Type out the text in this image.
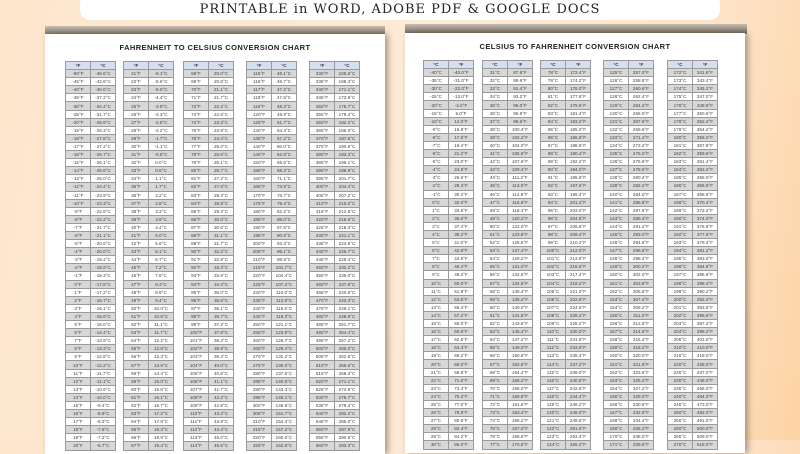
PRINTABLE in WORD, ADOBE PDF & GOOGLE DOCS
FAHRENHEIT TO CELSIUS CONVERSION CHART
°F	°C
-50°F	-45.6°C
-45°F	-42.8°C
-40°F	-40.0°C
-35°F	-37.2°C
-30°F	-34.4°C
-25°F	-31.7°C
-20°F	-28.9°C
-19°F	-28.3°C
-18°F	-27.8°C
-17°F	-27.2°C
-16°F	-26.7°C
-15°F	-26.1°C
-14°F	-25.6°C
-13°F	-25.0°C
-12°F	-24.4°C
-11°F	-23.9°C
-10°F	-23.3°C
-9°F	-22.8°C
-8°F	-22.2°C
-7°F	-21.7°C
-6°F	-21.1°C
-5°F	-20.6°C
-4°F	-20.0°C
-3°F	-19.4°C
-2°F	-18.9°C
-1°F	-18.3°C
0°F	-17.8°C
1°F	-17.2°C
2°F	-16.7°C
3°F	-16.1°C
4°F	-15.6°C
5°F	-15.0°C
6°F	-14.4°C
7°F	-13.9°C
8°F	-13.3°C
9°F	-12.8°C
10°F	-12.2°C
11°F	-11.7°C
12°F	-11.1°C
13°F	-10.6°C
14°F	-10.0°C
15°F	-9.4°C
16°F	-8.9°C
17°F	-8.3°C
18°F	-7.8°C
19°F	-7.2°C
20°F	-6.7°C
°F	°C
21°F	-6.1°C
22°F	-5.6°C
23°F	-5.0°C
24°F	-4.4°C
25°F	-3.9°C
26°F	-3.3°C
27°F	-2.8°C
28°F	-2.2°C
29°F	-1.7°C
30°F	-1.1°C
31°F	-0.6°C
32°F	0.0°C
33°F	0.6°C
34°F	1.1°C
35°F	1.7°C
36°F	2.2°C
37°F	2.8°C
38°F	3.3°C
39°F	3.9°C
40°F	4.4°C
41°F	5.0°C
42°F	5.6°C
43°F	6.1°C
44°F	6.7°C
45°F	7.2°C
46°F	7.8°C
47°F	8.3°C
48°F	8.9°C
49°F	9.4°C
50°F	10.0°C
51°F	10.6°C
52°F	11.1°C
53°F	11.7°C
54°F	12.2°C
55°F	12.8°C
56°F	13.3°C
57°F	13.9°C
58°F	14.4°C
59°F	15.0°C
60°F	15.6°C
61°F	16.1°C
62°F	16.7°C
63°F	17.2°C
64°F	17.8°C
65°F	18.3°C
66°F	18.9°C
67°F	19.4°C
°F	°C
68°F	20.0°C
69°F	20.6°C
70°F	21.1°C
71°F	21.7°C
72°F	22.2°C
73°F	22.8°C
74°F	23.3°C
75°F	23.9°C
76°F	24.4°C
77°F	25.0°C
78°F	25.6°C
79°F	26.1°C
80°F	26.7°C
81°F	27.2°C
82°F	27.8°C
83°F	28.3°C
84°F	28.9°C
85°F	29.4°C
86°F	30.0°C
87°F	30.6°C
88°F	31.1°C
89°F	31.7°C
90°F	32.2°C
91°F	32.8°C
92°F	33.3°C
93°F	33.9°C
94°F	34.4°C
95°F	35.0°C
96°F	35.6°C
97°F	36.1°C
98°F	36.7°C
99°F	37.2°C
100°F	37.8°C
101°F	38.3°C
102°F	38.9°C
103°F	39.4°C
104°F	40.0°C
105°F	40.6°C
106°F	41.1°C
107°F	41.7°C
108°F	42.2°C
109°F	42.8°C
110°F	43.3°C
111°F	43.9°C
112°F	44.4°C
113°F	45.0°C
114°F	45.6°C
°F	°C
115°F	46.1°C
116°F	46.7°C
117°F	47.2°C
118°F	47.8°C
119°F	48.3°C
120°F	48.9°C
125°F	51.7°C
130°F	54.4°C
135°F	57.2°C
140°F	60.0°C
145°F	62.8°C
150°F	65.6°C
155°F	68.3°C
160°F	71.1°C
165°F	73.9°C
170°F	76.7°C
175°F	79.4°C
180°F	82.2°C
185°F	85.0°C
190°F	87.8°C
195°F	90.6°C
200°F	93.3°C
205°F	96.1°C
210°F	98.9°C
215°F	101.7°C
220°F	104.4°C
225°F	107.2°C
230°F	110.0°C
235°F	112.8°C
240°F	115.6°C
245°F	118.3°C
250°F	121.1°C
255°F	123.9°C
260°F	126.7°C
265°F	129.4°C
270°F	132.2°C
275°F	135.0°C
280°F	137.8°C
285°F	140.6°C
290°F	143.3°C
295°F	146.1°C
300°F	148.9°C
305°F	151.7°C
310°F	154.4°C
315°F	157.2°C
320°F	160.0°C
325°F	162.8°C
°F	°C
330°F	165.6°C
335°F	168.3°C
340°F	171.1°C
345°F	173.9°C
350°F	176.7°C
355°F	179.4°C
360°F	182.2°C
365°F	185.0°C
370°F	187.8°C
375°F	190.6°C
380°F	193.3°C
385°F	196.1°C
390°F	198.9°C
395°F	201.7°C
400°F	204.4°C
405°F	207.2°C
410°F	210.0°C
415°F	212.8°C
420°F	215.6°C
425°F	218.3°C
430°F	221.1°C
435°F	223.9°C
440°F	226.7°C
445°F	229.4°C
450°F	232.2°C
455°F	235.0°C
460°F	237.8°C
465°F	240.6°C
470°F	243.3°C
475°F	246.1°C
480°F	248.9°C
485°F	251.7°C
490°F	254.4°C
495°F	257.2°C
500°F	260.0°C
505°F	262.8°C
510°F	265.6°C
515°F	268.3°C
520°F	271.1°C
525°F	273.9°C
530°F	276.7°C
535°F	279.4°C
540°F	282.2°C
545°F	285.0°C
550°F	287.8°C
555°F	290.6°C
560°F	293.3°C
CELSIUS TO FAHRENHEIT CONVERSION CHART
°C	°F
-40°C	-40.0°F
-35°C	-31.0°F
-30°C	-22.0°F
-25°C	-13.0°F
-20°C	-4.0°F
-15°C	5.0°F
-10°C	14.0°F
-9°C	15.8°F
-8°C	17.6°F
-7°C	19.4°F
-6°C	21.2°F
-5°C	23.0°F
-4°C	24.8°F
-3°C	26.6°F
-2°C	28.4°F
-1°C	30.2°F
0°C	32.0°F
1°C	33.8°F
2°C	35.6°F
3°C	37.4°F
4°C	39.2°F
5°C	41.0°F
6°C	42.8°F
7°C	44.6°F
8°C	46.4°F
9°C	48.2°F
10°C	50.0°F
11°C	51.8°F
12°C	53.6°F
13°C	55.4°F
14°C	57.2°F
15°C	59.0°F
16°C	60.8°F
17°C	62.6°F
18°C	64.4°F
19°C	66.2°F
20°C	68.0°F
21°C	69.8°F
22°C	71.6°F
23°C	73.4°F
24°C	75.2°F
25°C	77.0°F
26°C	78.8°F
27°C	80.6°F
28°C	82.4°F
29°C	84.2°F
30°C	86.0°F
°C	°F
31°C	87.8°F
32°C	89.6°F
33°C	91.4°F
34°C	93.2°F
35°C	95.0°F
36°C	96.8°F
37°C	98.6°F
38°C	100.4°F
39°C	102.2°F
40°C	104.0°F
41°C	105.8°F
42°C	107.6°F
43°C	109.4°F
44°C	111.2°F
45°C	113.0°F
46°C	114.8°F
47°C	116.6°F
48°C	118.4°F
49°C	120.2°F
50°C	122.0°F
51°C	123.8°F
52°C	125.6°F
53°C	127.4°F
54°C	129.2°F
55°C	131.0°F
56°C	132.8°F
57°C	134.6°F
58°C	136.4°F
59°C	138.2°F
60°C	140.0°F
61°C	141.8°F
62°C	143.6°F
63°C	145.4°F
64°C	147.2°F
65°C	149.0°F
66°C	150.8°F
67°C	152.6°F
68°C	154.4°F
69°C	156.2°F
70°C	158.0°F
71°C	159.8°F
72°C	161.6°F
73°C	163.4°F
74°C	165.2°F
75°C	167.0°F
76°C	168.8°F
77°C	170.6°F
°C	°F
78°C	172.4°F
79°C	174.2°F
80°C	176.0°F
81°C	177.8°F
82°C	179.6°F
83°C	181.4°F
84°C	183.2°F
85°C	185.0°F
86°C	186.8°F
87°C	188.6°F
88°C	190.4°F
89°C	192.2°F
90°C	194.0°F
91°C	195.8°F
92°C	197.6°F
93°C	199.4°F
94°C	201.2°F
95°C	203.0°F
96°C	204.8°F
97°C	206.6°F
98°C	208.4°F
99°C	210.2°F
100°C	212.0°F
101°C	213.8°F
102°C	215.6°F
103°C	217.4°F
104°C	219.2°F
105°C	221.0°F
106°C	222.8°F
107°C	224.6°F
108°C	226.4°F
109°C	228.2°F
110°C	230.0°F
111°C	231.8°F
112°C	233.6°F
113°C	235.4°F
114°C	237.2°F
115°C	239.0°F
116°C	240.8°F
117°C	242.6°F
118°C	244.4°F
119°C	246.2°F
120°C	248.0°F
121°C	249.8°F
122°C	251.6°F
123°C	253.4°F
124°C	255.2°F
°C	°F
125°C	257.0°F
126°C	258.8°F
127°C	260.6°F
128°C	262.4°F
129°C	264.2°F
130°C	266.0°F
131°C	267.8°F
132°C	269.6°F
133°C	271.4°F
134°C	273.2°F
135°C	275.0°F
136°C	276.8°F
137°C	278.6°F
138°C	280.4°F
139°C	282.2°F
140°C	284.0°F
141°C	285.8°F
142°C	287.6°F
143°C	289.4°F
144°C	291.2°F
145°C	293.0°F
146°C	294.8°F
147°C	296.6°F
148°C	298.4°F
149°C	300.2°F
150°C	302.0°F
151°C	303.8°F
152°C	305.6°F
153°C	307.4°F
154°C	309.2°F
155°C	311.0°F
156°C	312.8°F
157°C	314.6°F
158°C	316.4°F
159°C	318.2°F
160°C	320.0°F
161°C	321.8°F
162°C	323.6°F
163°C	325.4°F
164°C	327.2°F
165°C	329.0°F
166°C	330.8°F
167°C	332.6°F
168°C	334.4°F
169°C	336.2°F
170°C	338.0°F
171°C	339.8°F
°C	°F
172°C	341.6°F
173°C	343.4°F
174°C	345.2°F
175°C	347.0°F
176°C	348.8°F
177°C	350.6°F
178°C	352.4°F
179°C	354.2°F
180°C	356.0°F
181°C	357.8°F
182°C	359.6°F
183°C	361.4°F
184°C	363.2°F
185°C	365.0°F
186°C	366.8°F
187°C	368.6°F
188°C	370.4°F
189°C	372.2°F
190°C	374.0°F
191°C	375.8°F
192°C	377.6°F
193°C	379.4°F
194°C	381.2°F
195°C	383.0°F
196°C	384.8°F
197°C	386.6°F
198°C	388.4°F
199°C	390.2°F
200°C	392.0°F
201°C	393.8°F
202°C	395.6°F
203°C	397.4°F
204°C	399.2°F
205°C	401.0°F
210°C	410.0°F
215°C	419.0°F
220°C	428.0°F
225°C	437.0°F
230°C	446.0°F
235°C	455.0°F
240°C	464.0°F
245°C	473.0°F
250°C	482.0°F
255°C	491.0°F
260°C	500.0°F
265°C	509.0°F
270°C	518.0°F
